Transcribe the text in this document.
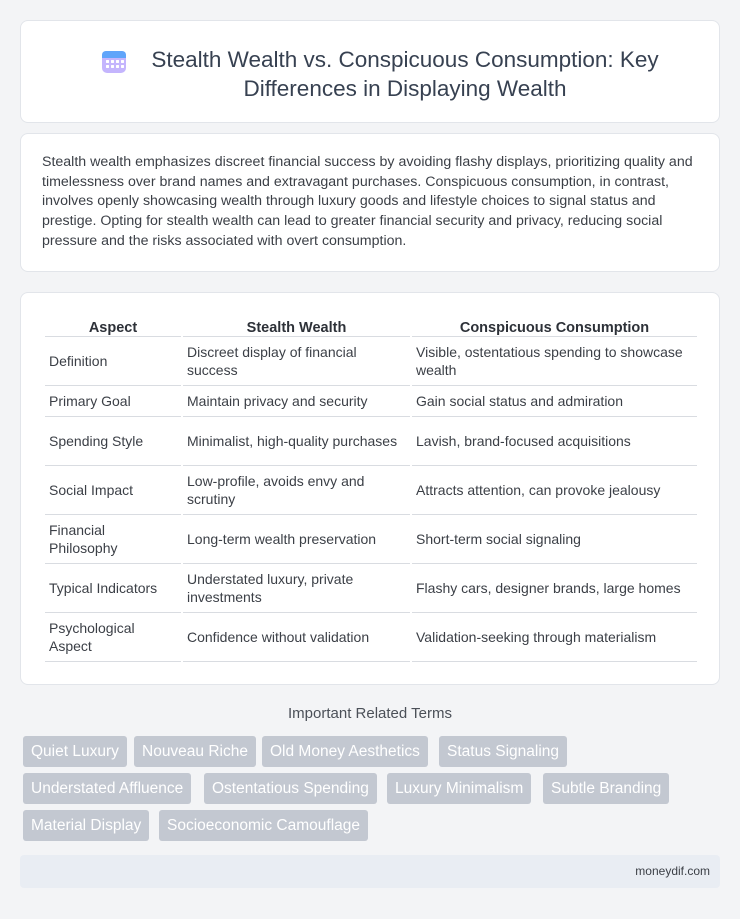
Stealth Wealth vs. Conspicuous Consumption: Key Differences in Displaying Wealth

Stealth wealth emphasizes discreet financial success by avoiding flashy displays, prioritizing quality and timelessness over brand names and extravagant purchases. Conspicuous consumption, in contrast, involves openly showcasing wealth through luxury goods and lifestyle choices to signal status and prestige. Opting for stealth wealth can lead to greater financial security and privacy, reducing social pressure and the risks associated with overt consumption.

Aspect	Stealth Wealth	Conspicuous Consumption
Definition	Discreet display of financial success	Visible, ostentatious spending to showcase wealth
Primary Goal	Maintain privacy and security	Gain social status and admiration
Spending Style	Minimalist, high-quality purchases	Lavish, brand-focused acquisitions
Social Impact	Low-profile, avoids envy and scrutiny	Attracts attention, can provoke jealousy
Financial Philosophy	Long-term wealth preservation	Short-term social signaling
Typical Indicators	Understated luxury, private investments	Flashy cars, designer brands, large homes
Psychological Aspect	Confidence without validation	Validation-seeking through materialism
Important Related Terms
Quiet Luxury	Nouveau Riche	Old Money Aesthetics	Status Signaling
Understated Affluence	Ostentatious Spending	Luxury Minimalism	Subtle Branding
Material Display	Socioeconomic Camouflage
moneydif.com
